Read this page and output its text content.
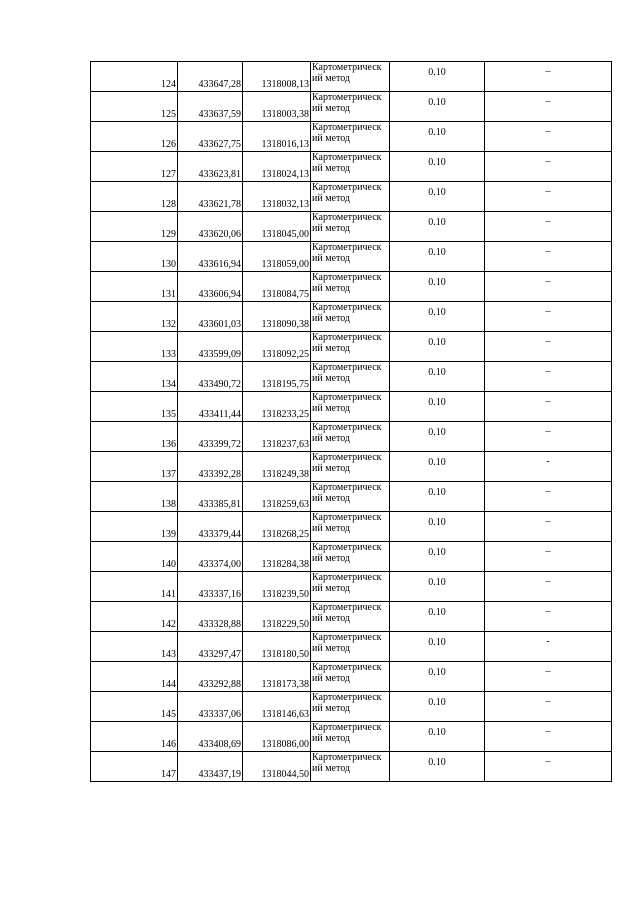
124	433647,28	1318008,13	Картометрическ ий метод	0.10	–
125	433637,59	1318003,38	Картометрическ ий метод	0.10	–
126	433627,75	1318016,13	Картометрическ ий метод	0.10	–
127	433623,81	1318024,13	Картометрическ ий метод	0.10	–
128	433621,78	1318032,13	Картометрическ ий метод	0.10	–
129	433620,06	1318045,00	Картометрическ ий метод	0.10	–
130	433616,94	1318059,00	Картометрическ ий метод	0.10	–
131	433606,94	1318084,75	Картометрическ ий метод	0.10	–
132	433601,03	1318090,38	Картометрическ ий метод	0.10	–
133	433599,09	1318092,25	Картометрическ ий метод	0.10	–
134	433490,72	1318195,75	Картометрическ ий метод	0.10	–
135	433411,44	1318233,25	Картометрическ ий метод	0.10	–
136	433399,72	1318237,63	Картометрическ ий метод	0.10	–
137	433392,28	1318249,38	Картометрическ ий метод	0.10	-
138	433385,81	1318259,63	Картометрическ ий метод	0.10	–
139	433379,44	1318268,25	Картометрическ ий метод	0.10	–
140	433374,00	1318284,38	Картометрическ ий метод	0.10	–
141	433337,16	1318239,50	Картометрическ ий метод	0.10	–
142	433328,88	1318229,50	Картометрическ ий метод	0.10	–
143	433297,47	1318180,50	Картометрическ ий метод	0.10	-
144	433292,88	1318173,38	Картометрическ ий метод	0.10	–
145	433337,06	1318146,63	Картометрическ ий метод	0.10	–
146	433408,69	1318086,00	Картометрическ ий метод	0.10	–
147	433437,19	1318044,50	Картометрическ ий метод	0.10	–
